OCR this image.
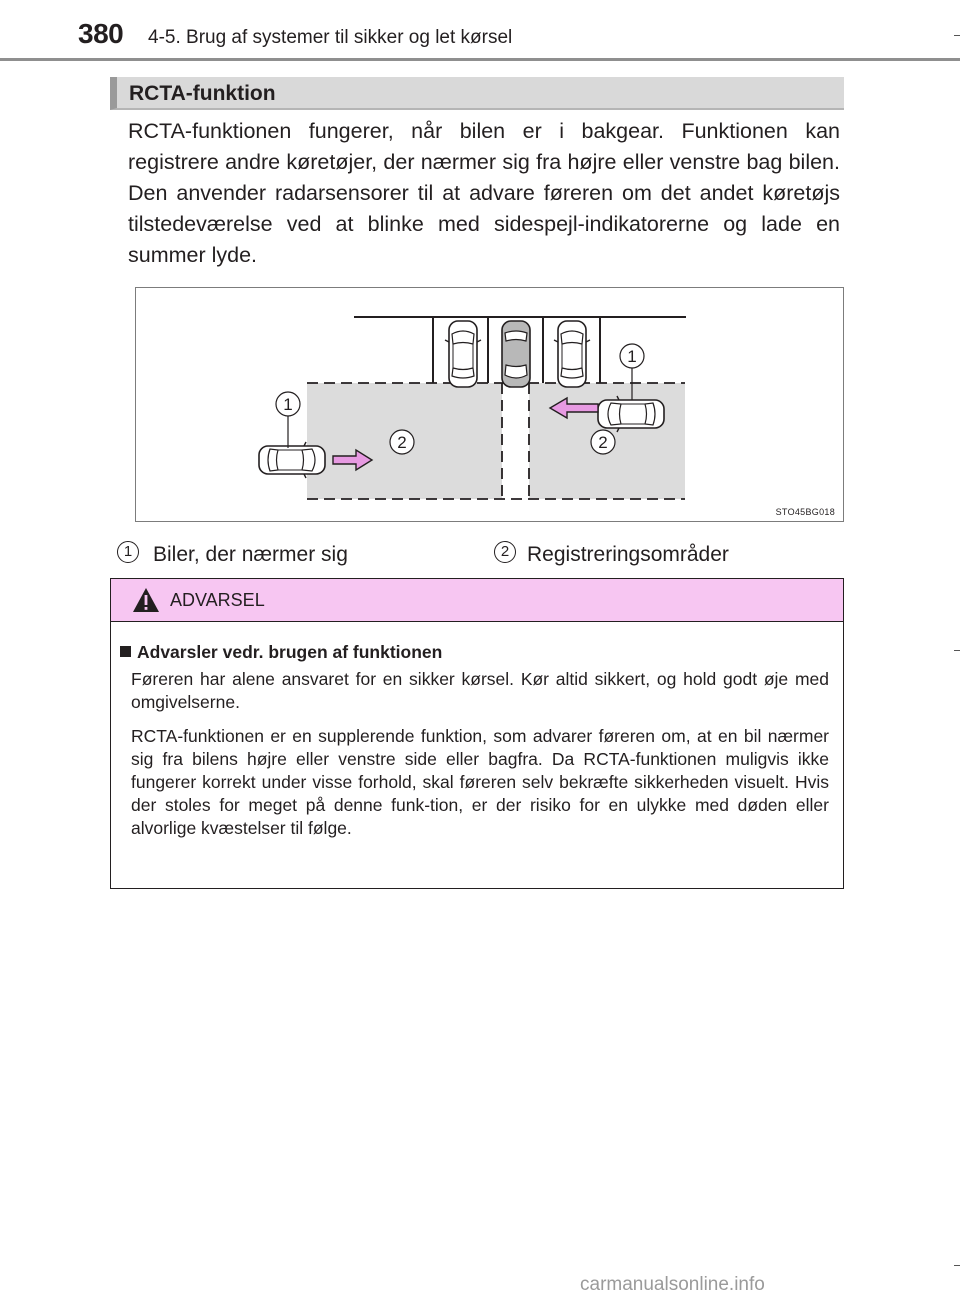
380 4-5. Brug af systemer til sikker og let kørsel
RCTA-funktion

RCTA-funktionen fungerer, når bilen er i bakgear. Funktionen kan registrere andre køretøjer, der nærmer sig fra højre eller venstre bag bilen. Den anvender radarsensorer til at advare føreren om det andet køretøjs tilstedeværelse ved at blinke med sidespejl-indikatorerne og lade en summer lyde.

1
1
2	2
STO45BG018
1 Biler, der nærmer sig	2 Registreringsområder
ADVARSEL
Advarsler vedr. brugen af funktionen

Føreren har alene ansvaret for en sikker kørsel. Kør altid sikkert, og hold godt øje med omgivelserne.

RCTA-funktionen er en supplerende funktion, som advarer føreren om, at en bil nærmer sig fra bilens højre eller venstre side eller bagfra. Da RCTA-funktionen muligvis ikke fungerer korrekt under visse forhold, skal føreren selv bekræfte sikkerheden visuelt. Hvis der stoles for meget på denne funk-tion, er der risiko for en ulykke med døden eller alvorlige kvæstelser til følge.

carmanualsonline.info
